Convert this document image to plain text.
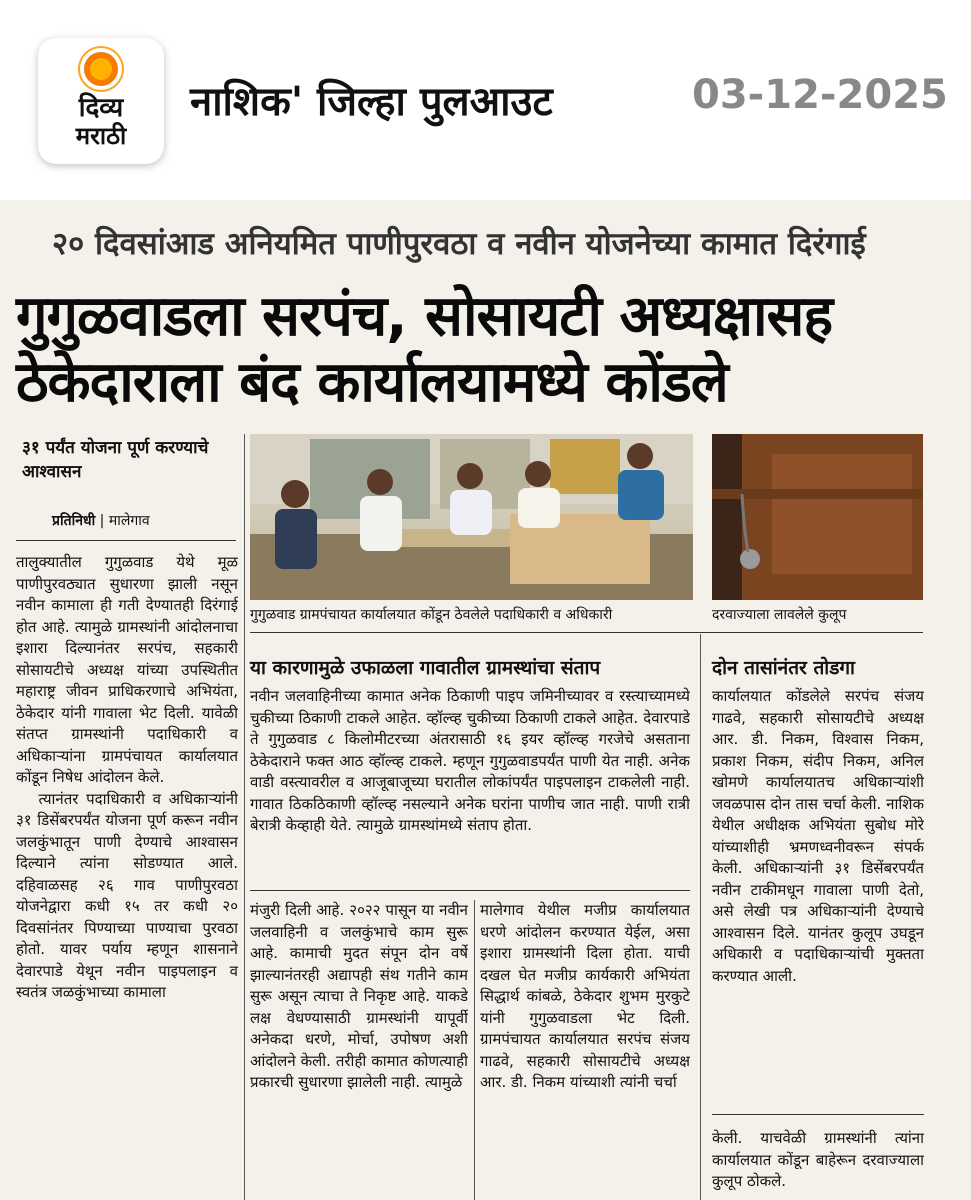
दिव्य
मराठी
नाशिक' जिल्हा पुलआउट	03-12-2025
२० दिवसांआड अनियमित पाणीपुरवठा व नवीन योजनेच्या कामात दिरंगाई
गुगुळवाडला सरपंच, सोसायटी अध्यक्षासह ठेकेदाराला बंद कार्यालयामध्ये कोंडले
३१ पर्यंत योजना पूर्ण करण्याचे आश्वासन
प्रतिनिधी | मालेगाव

तालुक्यातील गुगुळवाड येथे मूळ पाणीपुरवठ्यात सुधारणा झाली नसून नवीन कामाला ही गती देण्यातही दिरंगाई होत आहे. त्यामुळे ग्रामस्थांनी आंदोलनाचा इशारा दिल्यानंतर सरपंच, सहकारी सोसायटीचे अध्यक्ष यांच्या उपस्थितीत महाराष्ट्र जीवन प्राधिकरणाचे अभियंता, ठेकेदार यांनी गावाला भेट दिली. यावेळी संतप्त ग्रामस्थांनी पदाधिकारी व अधिकाऱ्यांना ग्रामपंचायत कार्यालयात कोंडून निषेध आंदोलन केले.

त्यानंतर पदाधिकारी व अधिकाऱ्यांनी ३१ डिसेंबरपर्यंत योजना पूर्ण करून नवीन जलकुंभातून पाणी देण्याचे आश्वासन दिल्याने त्यांना सोडण्यात आले. दहिवाळसह २६ गाव पाणीपुरवठा योजनेद्वारा कधी १५ तर कधी २० दिवसांनंतर पिण्याच्या पाण्याचा पुरवठा होतो. यावर पर्याय म्हणून शासनाने देवारपाडे येथून नवीन पाइपलाइन व स्वतंत्र जळकुंभाच्या कामाला

गुगुळवाड ग्रामपंचायत कार्यालयात कोंडून ठेवलेले पदाधिकारी व अधिकारी	दरवाज्याला लावलेले कुलूप
या कारणामुळे उफाळला गावातील ग्रामस्थांचा संताप
नवीन जलवाहिनीच्या कामात अनेक ठिकाणी पाइप जमिनीच्यावर व रस्त्याच्यामध्ये चुकीच्या ठिकाणी टाकले आहेत. व्हॉल्व्ह चुकीच्या ठिकाणी टाकले आहेत. देवारपाडे ते गुगुळवाड ८ किलोमीटरच्या अंतरासाठी १६ इयर व्हॉल्व्ह गरजेचे असताना ठेकेदाराने फक्त आठ व्हॉल्व्ह टाकले. म्हणून गुगुळवाडपर्यंत पाणी येत नाही. अनेक वाडी वस्त्यावरील व आजूबाजूच्या घरातील लोकांपर्यंत पाइपलाइन टाकलेली नाही. गावात ठिकठिकाणी व्हॉल्व्ह नसल्याने अनेक घरांना पाणीच जात नाही. पाणी रात्री बेरात्री केव्हाही येते. त्यामुळे ग्रामस्थांमध्ये संताप होता.
मंजुरी दिली आहे. २०२२ पासून या नवीन जलवाहिनी व जलकुंभाचे काम सुरू आहे. कामाची मुदत संपून दोन वर्षे झाल्यानंतरही अद्यापही संथ गतीने काम सुरू असून त्याचा ते निकृष्ट आहे. याकडे लक्ष वेधण्यासाठी ग्रामस्थांनी यापूर्वी अनेकदा धरणे, मोर्चा, उपोषण अशी आंदोलने केली. तरीही कामात कोणत्याही प्रकारची सुधारणा झालेली नाही. त्यामुळे
मालेगाव येथील मजीप्र कार्यालयात धरणे आंदोलन करण्यात येईल, असा इशारा ग्रामस्थांनी दिला होता. याची दखल घेत मजीप्र कार्यकारी अभियंता सिद्धार्थ कांबळे, ठेकेदार शुभम मुरकुटे यांनी गुगुळवाडला भेट दिली. ग्रामपंचायत कार्यालयात सरपंच संजय गाढवे, सहकारी सोसायटीचे अध्यक्ष आर. डी. निकम यांच्याशी त्यांनी चर्चा
दोन तासांनंतर तोडगा
कार्यालयात कोंडलेले सरपंच संजय गाढवे, सहकारी सोसायटीचे अध्यक्ष आर. डी. निकम, विश्वास निकम, प्रकाश निकम, संदीप निकम, अनिल खोमणे कार्यालयातच अधिकाऱ्यांशी जवळपास दोन तास चर्चा केली. नाशिक येथील अधीक्षक अभियंता सुबोध मोरे यांच्याशीही भ्रमणध्वनीवरून संपर्क केली. अधिकाऱ्यांनी ३१ डिसेंबरपर्यंत नवीन टाकीमधून गावाला पाणी देतो, असे लेखी पत्र अधिकाऱ्यांनी देण्याचे आश्वासन दिले. यानंतर कुलूप उघडून अधिकारी व पदाधिकाऱ्यांची मुक्तता करण्यात आली.
केली. याचवेळी ग्रामस्थांनी त्यांना कार्यालयात कोंडून बाहेरून दरवाज्याला कुलूप ठोकले.
